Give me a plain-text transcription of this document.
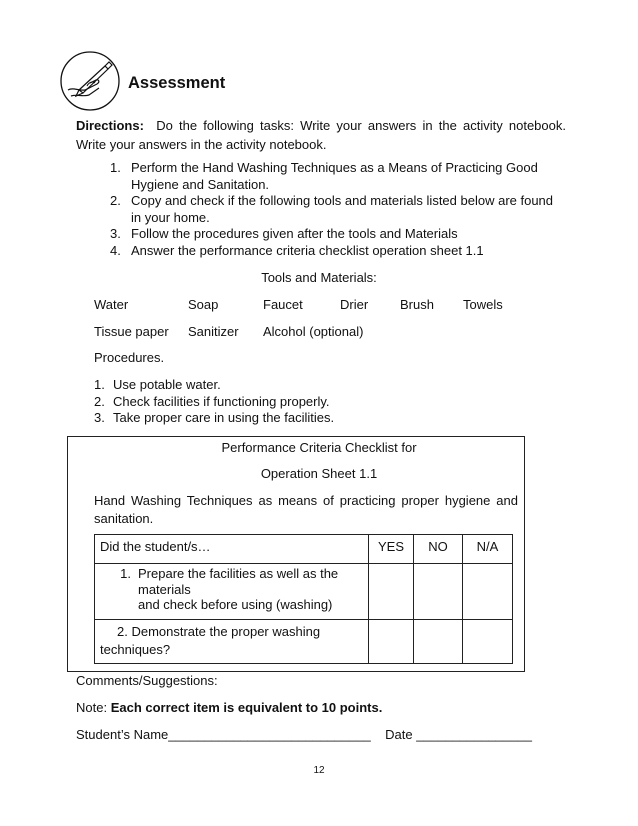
Assessment
Directions: Do the following tasks: Write your answers in the activity notebook. Write your answers in the activity notebook.
1. Perform the Hand Washing Techniques as a Means of Practicing Good Hygiene and Sanitation.
2. Copy and check if the following tools and materials listed below are found in your home.
3. Follow the procedures given after the tools and Materials
4. Answer the performance criteria checklist operation sheet 1.1
Tools and Materials:
Water	Soap	Faucet	Drier Brush Towels
Tissue paper Sanitizer Alcohol (optional)
Procedures.
1. Use potable water.
2. Check facilities if functioning properly.
3. Take proper care in using the facilities.
Performance Criteria Checklist for
Operation Sheet 1.1
Hand Washing Techniques as means of practicing proper hygiene and sanitation.
Did the student/s…	YES	NO	N/A

1. Prepare the facilities as well as the
materials
and check before using (washing)			

2. Demonstrate the proper washing
techniques?			

Comments/Suggestions:
Note: Each correct item is equivalent to 10 points.
Student’s Name____________________________ Date ________________
12
